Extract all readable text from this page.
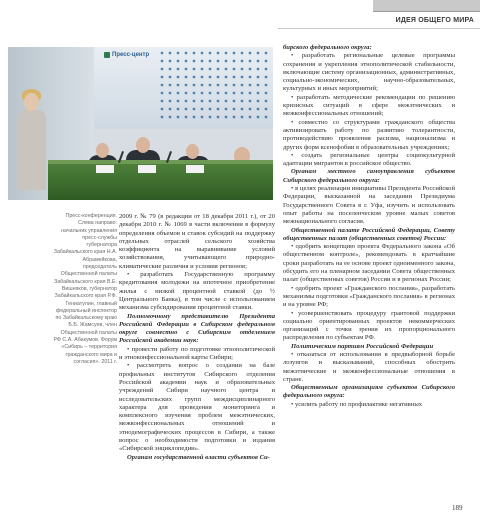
ИДЕЯ ОБЩЕГО МИРА
Пресс-центр
Пресс-конференция. Слева направо: начальник управления пресс-службы губернатора Забайкальского края Н.А. Абрамейкова, председатель Общественной палаты Забайкальского края В.Е. Вишняков, губернатор Забайкальского края Р.Ф. Гениатулин, главный федеральный инспектор по Забайкальскому краю Б.Б. Жамсуев, член Общественной палаты РФ С.А. Абакумов. Форум «Сибирь – территория гражданского мира и согласия». 2011 г.

2009 г. № 79 (в редакции от 18 декабря 2011 г.), от 20 декабря 2010 г. № 1069 в части включения в формулу определения объемов и ставок субсидий на поддержку отдельных отраслей сельского хозяйства коэффициента на выравнивание условий хозяйствования, учитывающего природно-климатические различия и условия регионов;

• разработать Государственную программу кредитования молодежи на ипотечное приобретение жилья с низкой процентной ставкой (до ½ Центрального Банка), в том числе с использованием механизма субсидирования процентной ставки.

Полномочному представителю Президента Российской Федерации в Сибирском федеральном округе совместно с Сибирским отделением Российской академии наук:

• провести работу по подготовке этнополитической и этноконфессиональной карты Сибири;

• рассмотреть вопрос о создании на базе профильных институтов Сибирского отделения Российской академии наук и образовательных учреждений Сибири научного центра и исследовательских групп междисциплинарного характера для проведения мониторинга и комплексного изучения проблем межэтнических, межконфессиональных отношений и этнодемографических процессов в Сибири, а также вопрос о необходимости подготовки и издания «Сибирской энциклопедии».

Органам государственной власти субъектов Си-

бирского федерального округа:

• разработать региональные целевые программы сохранения и укрепления этнополитической стабильности, включающие систему организационных, административных, социально-экономических, научно-образовательных, культурных и иных мероприятий;

• разработать методические рекомендации по решению кризисных ситуаций в сфере межэтнических и межконфессиональных отношений;

• совместно со структурами гражданского общества активизировать работу по развитию толерантности, противодействию проявления расизма, национализма и других форм ксенофобии в образовательных учреждениях;

• создать региональные центры социокультурной адаптации мигрантов в российское общество.

Органам местного самоуправления субъектов Сибирского федерального округа:

• в целях реализации инициативы Президента Российской Федерации, высказанной на заседании Президиума Государственного Совета в г. Уфа, изучить и использовать опыт работы на поселенческом уровне малых советов межнационального согласия.

Общественной палате Российской Федерации, Совету общественных палат (общественных советов) России:

• одобрить концепцию проекта Федерального закона «Об общественном контроле», рекомендовать в кратчайшие сроки разработать на ее основе проект одноименного закона, обсудить его на пленарном заседании Совета общественных палат (общественных советов) России и в регионах России;

• одобрить проект «Гражданского послания», разработать механизмы подготовки «Гражданского послания» в регионах и на уровне РФ;

• усовершенствовать процедуру грантовой поддержки социально ориентированных проектов некоммерческих организаций с точки зрения их пропорционального распределения по субъектам РФ.

Политическим партиям Российской Федерации

• отказаться от использования в предвыборной борьбе лозунгов и высказываний, способных обострить межэтнические и межконфессиональные отношения в стране.

Общественным организациям субъектов Сибирского федерального округа:

• усилить работу по профилактике негативных

189
